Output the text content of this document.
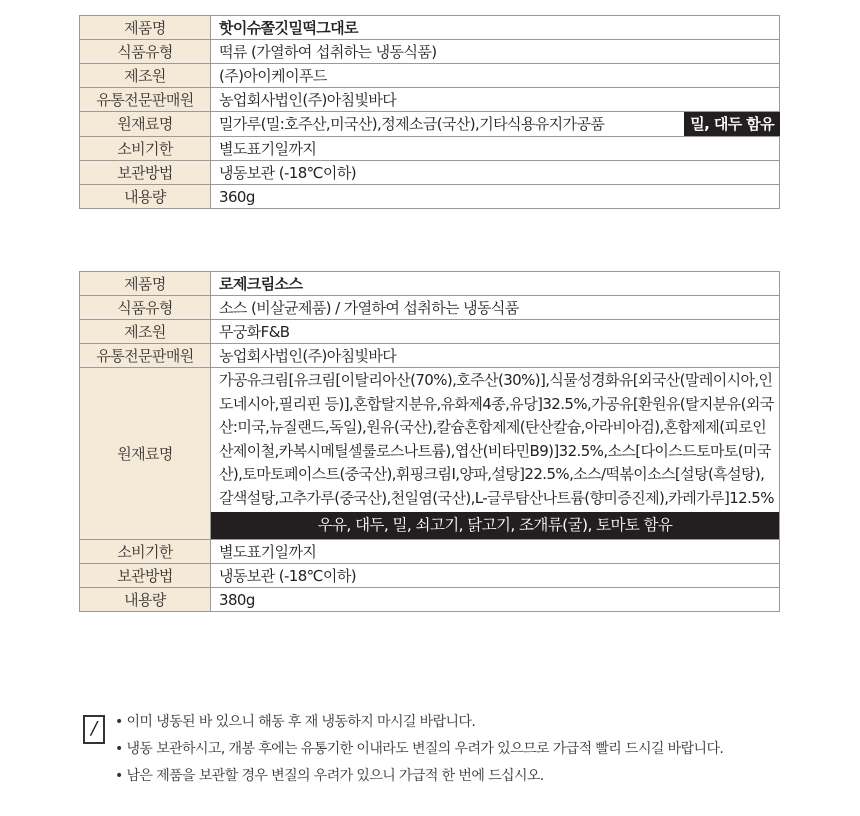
제품명	핫이슈쫄깃밀떡그대로
식품유형	떡류 (가열하여 섭취하는 냉동식품)
제조원	(주)아이케이푸드
유통전문판매원	농업회사법인(주)아침빛바다
원재료명	밀가루(밀:호주산,미국산),정제소금(국산),기타식용유지가공품 밀, 대두 함유

소비기한	별도표기일까지
보관방법	냉동보관 (-18℃이하)
내용량	360g
제품명	로제크림소스
식품유형	소스 (비살균제품) / 가열하여 섭취하는 냉동식품
제조원	무궁화F&B
유통전문판매원	농업회사법인(주)아침빛바다
원재료명	가공유크림[유크림[이탈리아산(70%),호주산(30%)],식물성경화유[외국산(말레이시아,인도네시아,필리핀 등)],혼합탈지분유,유화제4종,유당]32.5%,가공유[환원유(탈지분유(외국산:미국,뉴질랜드,독일),원유(국산),칼슘혼합제제(탄산칼슘,아라비아검),혼합제제(피로인산제이철,카복시메틸셀룰로스나트륨),엽산(비타민B9)]32.5%,소스[다이스드토마토(미국산),토마토페이스트(중국산),휘핑크림Ⅰ,양파,설탕]22.5%,소스/떡볶이소스[설탕(흑설탕),갈색설탕,고추가루(중국산),천일염(국산),L-글루탐산나트륨(향미증진제),카레가루]12.5%
우유, 대두, 밀, 쇠고기, 닭고기, 조개류(굴), 토마토 함유

소비기한	별도표기일까지
보관방법	냉동보관 (-18℃이하)
내용량	380g
/	• 이미 냉동된 바 있으니 해동 후 재 냉동하지 마시길 바랍니다.
• 냉동 보관하시고, 개봉 후에는 유통기한 이내라도 변질의 우려가 있으므로 가급적 빨리 드시길 바랍니다.
• 남은 제품을 보관할 경우 변질의 우려가 있으니 가급적 한 번에 드십시오.
